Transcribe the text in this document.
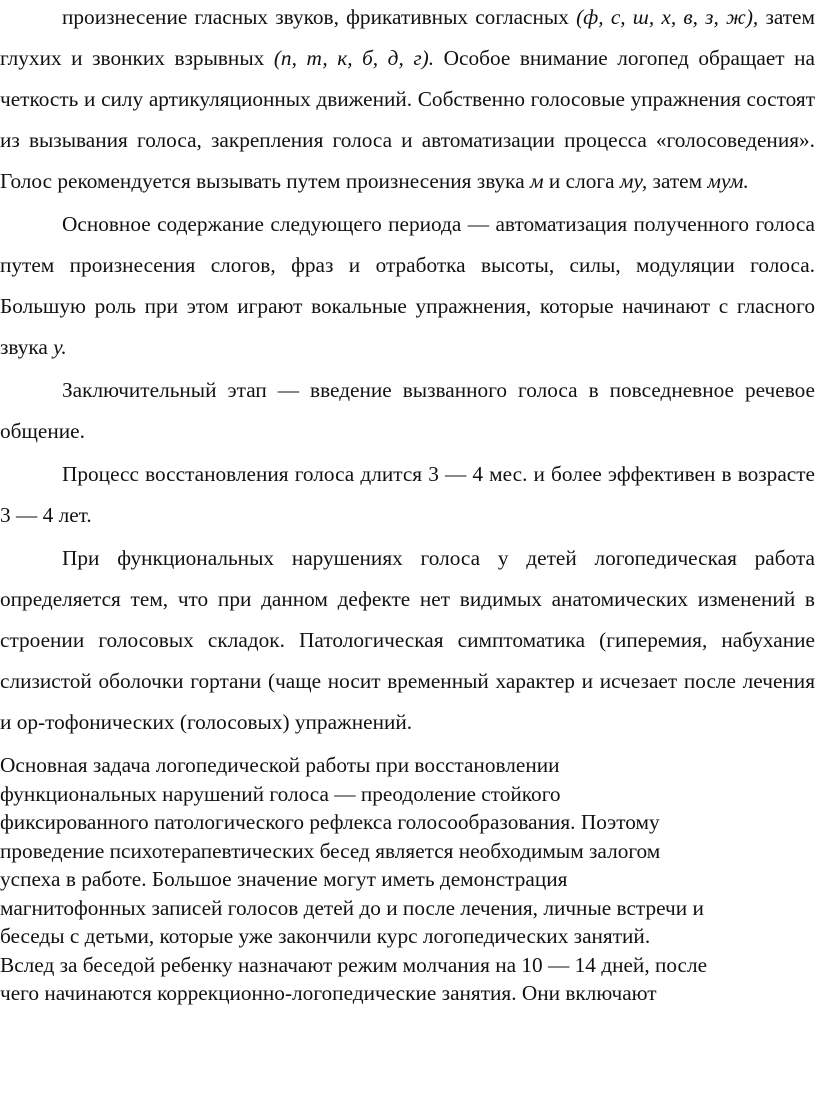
произнесение гласных звуков, фрикативных согласных (ф, с, ш, х, в, з, ж), затем глухих и звонких взрывных (п, т, к, б, д, г). Особое внимание логопед обращает на четкость и силу артикуляционных движений. Собственно голосовые упражнения состоят из вызывания голоса, закрепления голоса и автоматизации процесса «голосоведения». Голос рекомендуется вызывать путем произнесения звука м и слога му, затем мум.

Основное содержание следующего периода — автоматизация полученного голоса путем произнесения слогов, фраз и отработка высоты, силы, модуляции голоса. Большую роль при этом играют вокальные упражнения, которые начинают с гласного звука у.

Заключительный этап — введение вызванного голоса в повседневное речевое общение.

Процесс восстановления голоса длится 3 — 4 мес. и более эффективен в возрасте 3 — 4 лет.

При функциональных нарушениях голоса у детей логопедическая работа определяется тем, что при данном дефекте нет видимых анатомических изменений в строении голосовых складок. Патологическая симптоматика (гиперемия, набухание слизистой оболочки гортани (чаще носит временный характер и исчезает после лечения и ор-тофонических (голосовых) упражнений.

Основная задача логопедической работы при восстановлении
функциональных нарушений голоса — преодоление стойкого
фиксированного патологического рефлекса голосообразования. Поэтому
проведение психотерапевтических бесед является необходимым залогом
успеха в работе. Большое значение могут иметь демонстрация
магнитофонных записей голосов детей до и после лечения, личные встречи и
беседы с детьми, которые уже закончили курс логопедических занятий.
Вслед за беседой ребенку назначают режим молчания на 10 — 14 дней, после
чего начинаются коррекционно-логопедические занятия. Они включают
